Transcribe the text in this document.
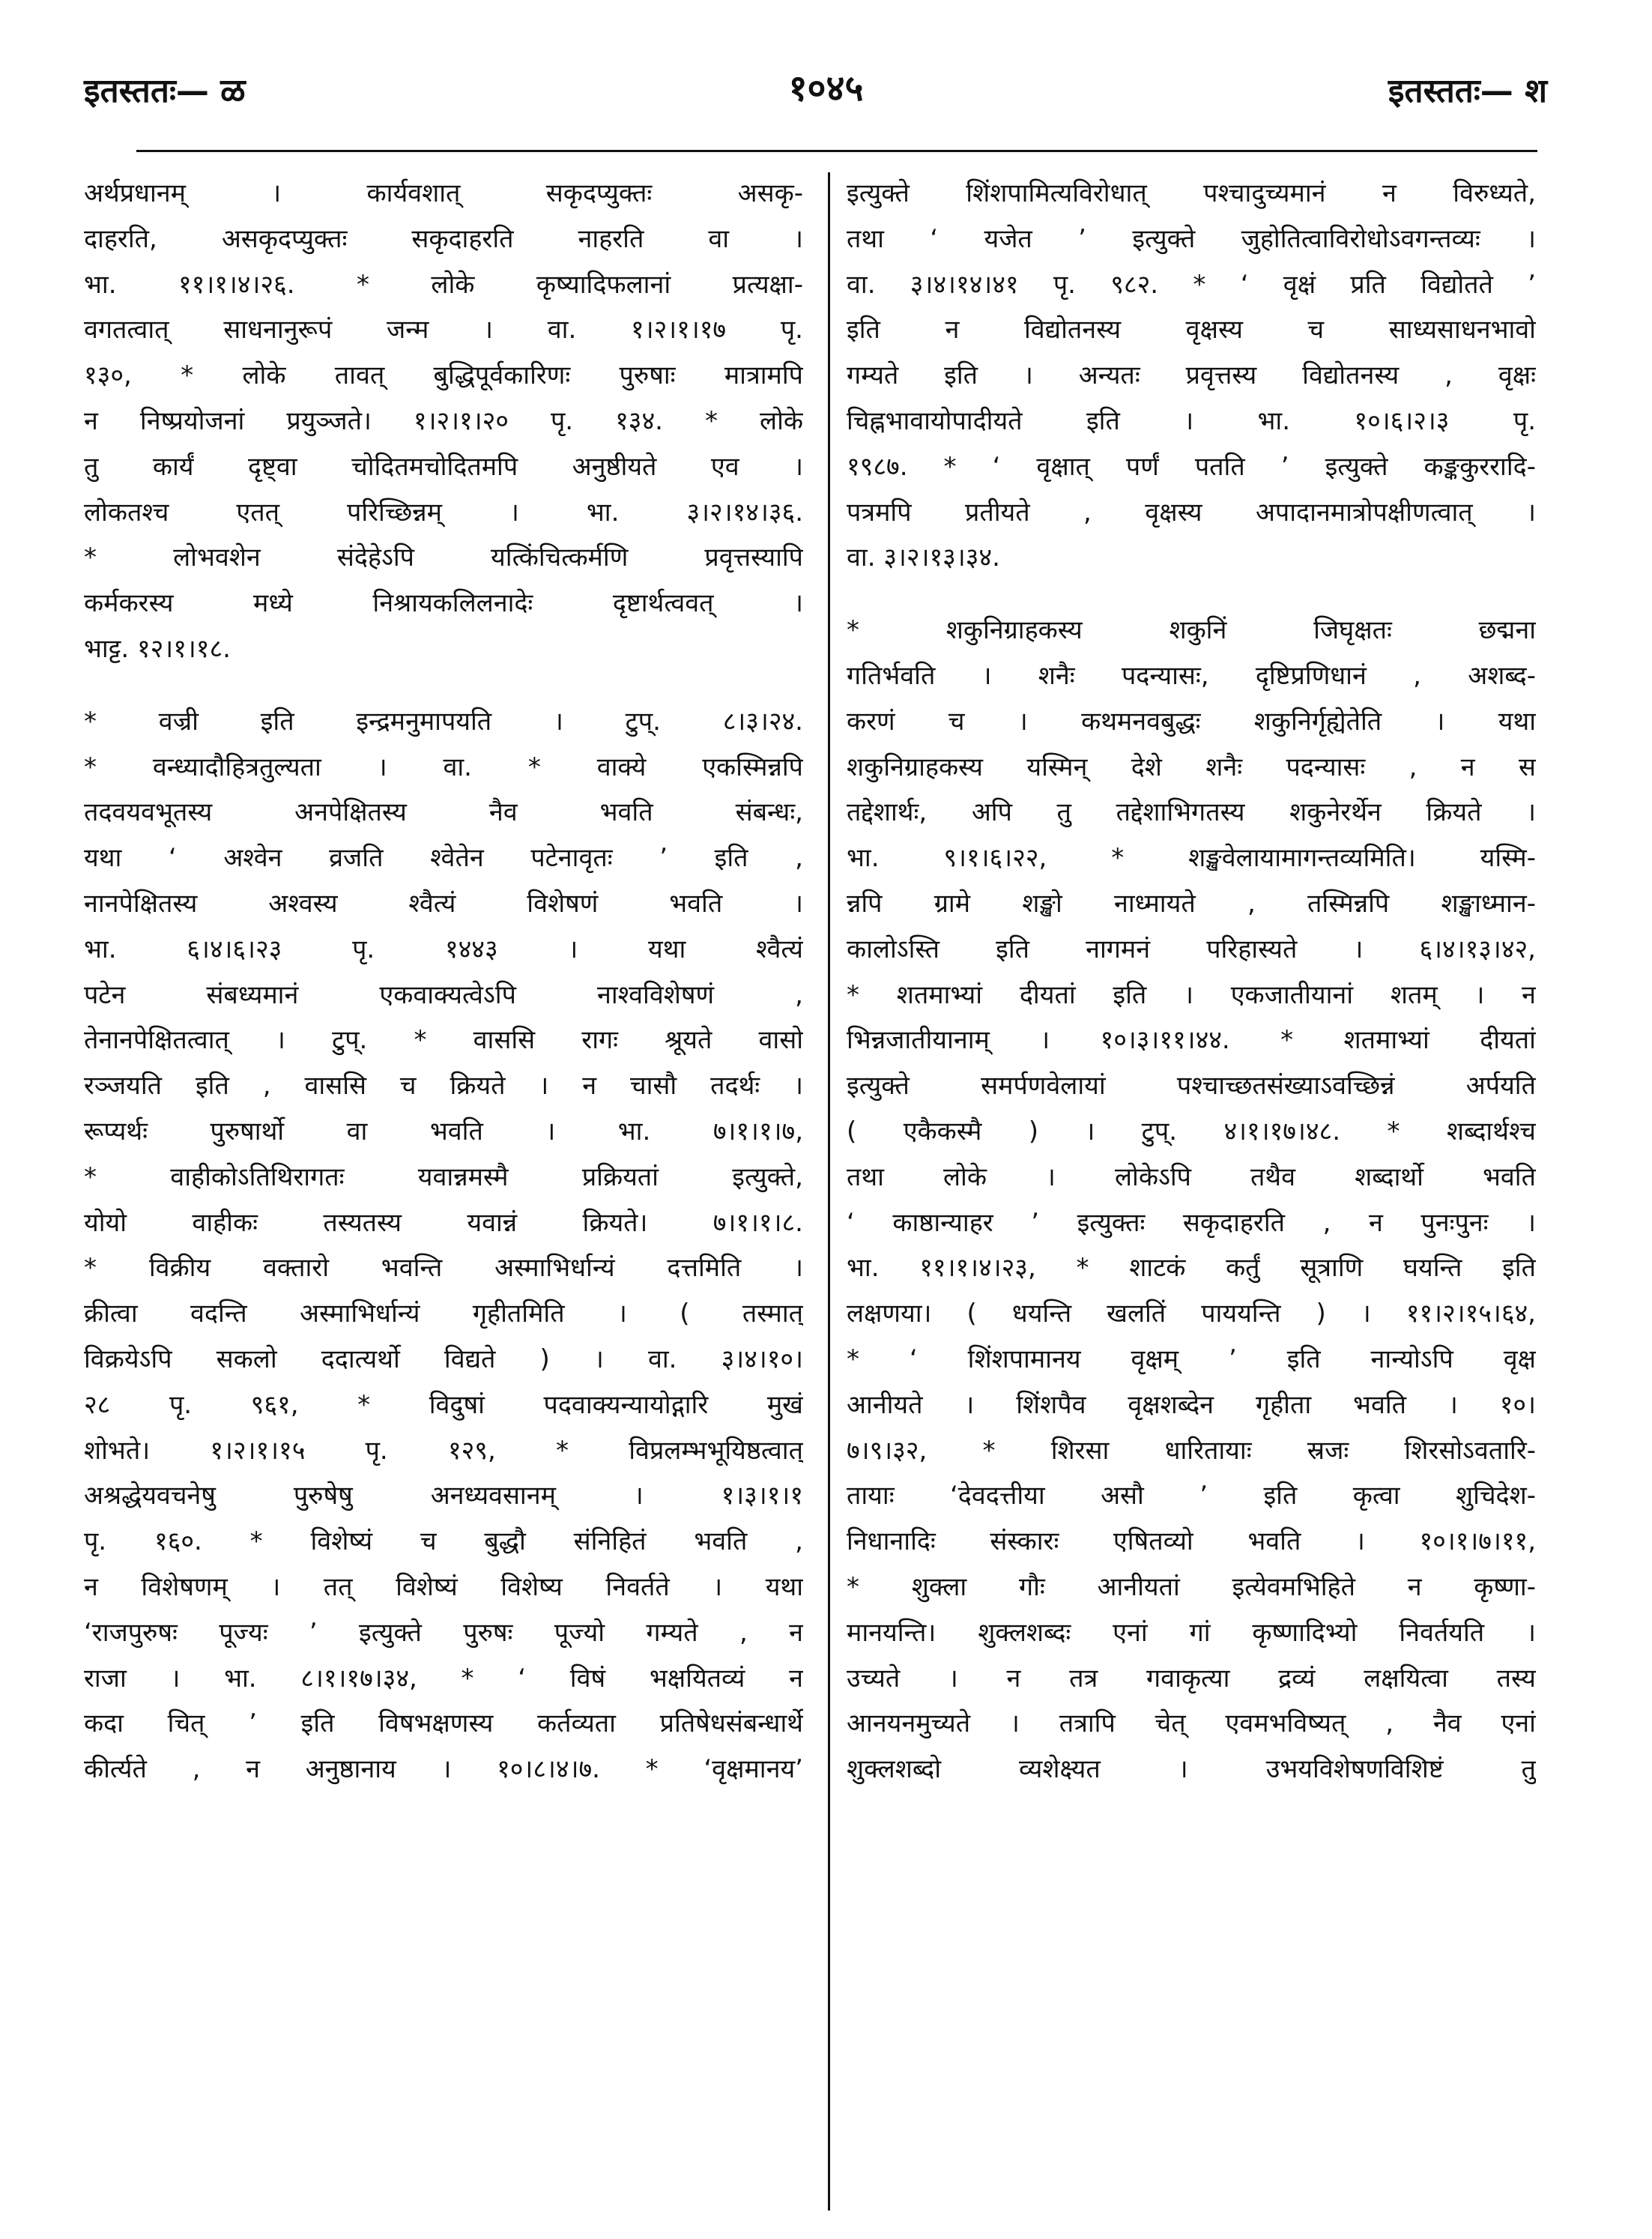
इतस्ततः— ळ	१०४५	इतस्ततः— श
अर्थप्रधानम् । कार्यवशात् सकृदप्युक्तः असकृ-
दाहरति, असकृदप्युक्तः सकृदाहरति नाहरति वा ।
भा. ११।१।४।२६. * लोके कृष्यादिफलानां प्रत्यक्षा-
वगतत्वात् साधनानुरूपं जन्म । वा. १।२।१।१७ पृ.
१३०, * लोके तावत् बुद्धिपूर्वकारिणः पुरुषाः मात्रामपि
न निष्प्रयोजनां प्रयुञ्जते। १।२।१।२० पृ. १३४. * लोके
तु कार्यं दृष्ट्वा चोदितमचोदितमपि अनुष्ठीयते एव ।
लोकतश्च एतत् परिच्छिन्नम् । भा. ३।२।१४।३६.
* लोभवशेन संदेहेऽपि यत्किंचित्कर्मणि प्रवृत्तस्यापि
कर्मकरस्य मध्ये निश्रायकलिलनादेः दृष्टार्थत्ववत् ।
भाट्ट. १२।१।१८.
* वज्री इति इन्द्रमनुमापयति । टुप्. ८।३।२४.
* वन्ध्यादौहित्रतुल्यता । वा. * वाक्ये एकस्मिन्नपि
तदवयवभूतस्य अनपेक्षितस्य नैव भवति संबन्धः,
यथा ‘ अश्वेन व्रजति श्वेतेन पटेनावृतः ’ इति ,
नानपेक्षितस्य अश्वस्य श्वैत्यं विशेषणं भवति ।
भा. ६।४।६।२३ पृ. १४४३ । यथा श्वैत्यं
पटेन संबध्यमानं एकवाक्यत्वेऽपि नाश्वविशेषणं ,
तेनानपेक्षितत्वात् । टुप्. * वाससि रागः श्रूयते वासो
रञ्जयति इति , वाससि च क्रियते । न चासौ तदर्थः ।
रूप्यर्थः पुरुषार्थो वा भवति । भा. ७।१।१।७,
* वाहीकोऽतिथिरागतः यवान्नमस्मै प्रक्रियतां इत्युक्ते,
योयो वाहीकः तस्यतस्य यवान्नं क्रियते। ७।१।१।८.
* विक्रीय वक्तारो भवन्ति अस्माभिर्धान्यं दत्तमिति ।
क्रीत्वा वदन्ति अस्माभिर्धान्यं गृहीतमिति । ( तस्मात्
विक्रयेऽपि सकलो ददात्यर्थो विद्यते ) । वा. ३।४।१०।
२८ पृ. ९६१, * विदुषां पदवाक्यन्यायोद्गारि मुखं
शोभते। १।२।१।१५ पृ. १२९, * विप्रलम्भभूयिष्ठत्वात्
अश्रद्धेयवचनेषु पुरुषेषु अनध्यवसानम् । १।३।१।१
पृ. १६०. * विशेष्यं च बुद्धौ संनिहितं भवति ,
न विशेषणम् । तत् विशेष्यं विशेष्य निवर्तते । यथा
‘राजपुरुषः पूज्यः ’ इत्युक्ते पुरुषः पूज्यो गम्यते , न
राजा । भा. ८।१।१७।३४, * ‘ विषं भक्षयितव्यं न
कदा चित् ’ इति विषभक्षणस्य कर्तव्यता प्रतिषेधसंबन्धार्थे
कीर्त्यते , न अनुष्ठानाय । १०।८।४।७. * ‘वृक्षमानय’
इत्युक्ते शिंशपामित्यविरोधात् पश्चादुच्यमानं न विरुध्यते,
तथा ‘ यजेत ’ इत्युक्ते जुहोतित्वाविरोधोऽवगन्तव्यः ।
वा. ३।४।१४।४१ पृ. ९८२. * ‘ वृक्षं प्रति विद्योतते ’
इति न विद्योतनस्य वृक्षस्य च साध्यसाधनभावो
गम्यते इति । अन्यतः प्रवृत्तस्य विद्योतनस्य , वृक्षः
चिह्नभावायोपादीयते इति । भा. १०।६।२।३ पृ.
१९८७. * ‘ वृक्षात् पर्णं पतति ’ इत्युक्ते कङ्ककुररादि-
पत्रमपि प्रतीयते , वृक्षस्य अपादानमात्रोपक्षीणत्वात् ।
वा. ३।२।१३।३४.
* शकुनिग्राहकस्य शकुनिं जिघृक्षतः छद्मना
गतिर्भवति । शनैः पदन्यासः, दृष्टिप्रणिधानं , अशब्द-
करणं च । कथमनवबुद्धः शकुनिर्गृह्येतेति । यथा
शकुनिग्राहकस्य यस्मिन् देशे शनैः पदन्यासः , न स
तद्देशार्थः, अपि तु तद्देशाभिगतस्य शकुनेरर्थेन क्रियते ।
भा. ९।१।६।२२, * शङ्खवेलायामागन्तव्यमिति। यस्मि-
न्नपि ग्रामे शङ्खो नाध्मायते , तस्मिन्नपि शङ्खाध्मान-
कालोऽस्ति इति नागमनं परिहास्यते । ६।४।१३।४२,
* शतमाभ्यां दीयतां इति । एकजातीयानां शतम् । न
भिन्नजातीयानाम् । १०।३।११।४४. * शतमाभ्यां दीयतां
इत्युक्ते समर्पणवेलायां पश्चाच्छतसंख्याऽवच्छिन्नं अर्पयति
( एकैकस्मै ) । टुप्. ४।१।१७।४८. * शब्दार्थश्च
तथा लोके । लोकेऽपि तथैव शब्दार्थो भवति
‘ काष्ठान्याहर ’ इत्युक्तः सकृदाहरति , न पुनःपुनः ।
भा. ११।१।४।२३, * शाटकं कर्तुं सूत्राणि घयन्ति इति
लक्षणया। ( धयन्ति खलतिं पाययन्ति ) । ११।२।१५।६४,
* ‘ शिंशपामानय वृक्षम् ’ इति नान्योऽपि वृक्ष
आनीयते । शिंशपैव वृक्षशब्देन गृहीता भवति । १०।
७।९।३२, * शिरसा धारितायाः स्रजः शिरसोऽवतारि-
तायाः ‘देवदत्तीया असौ ’ इति कृत्वा शुचिदेश-
निधानादिः संस्कारः एषितव्यो भवति । १०।१।७।११,
* शुक्ला गौः आनीयतां इत्येवमभिहिते न कृष्णा-
मानयन्ति। शुक्लशब्दः एनां गां कृष्णादिभ्यो निवर्तयति ।
उच्यते । न तत्र गवाकृत्या द्रव्यं लक्षयित्वा तस्य
आनयनमुच्यते । तत्रापि चेत् एवमभविष्यत् , नैव एनां
शुक्लशब्दो व्यशेक्ष्यत । उभयविशेषणविशिष्टं तु
